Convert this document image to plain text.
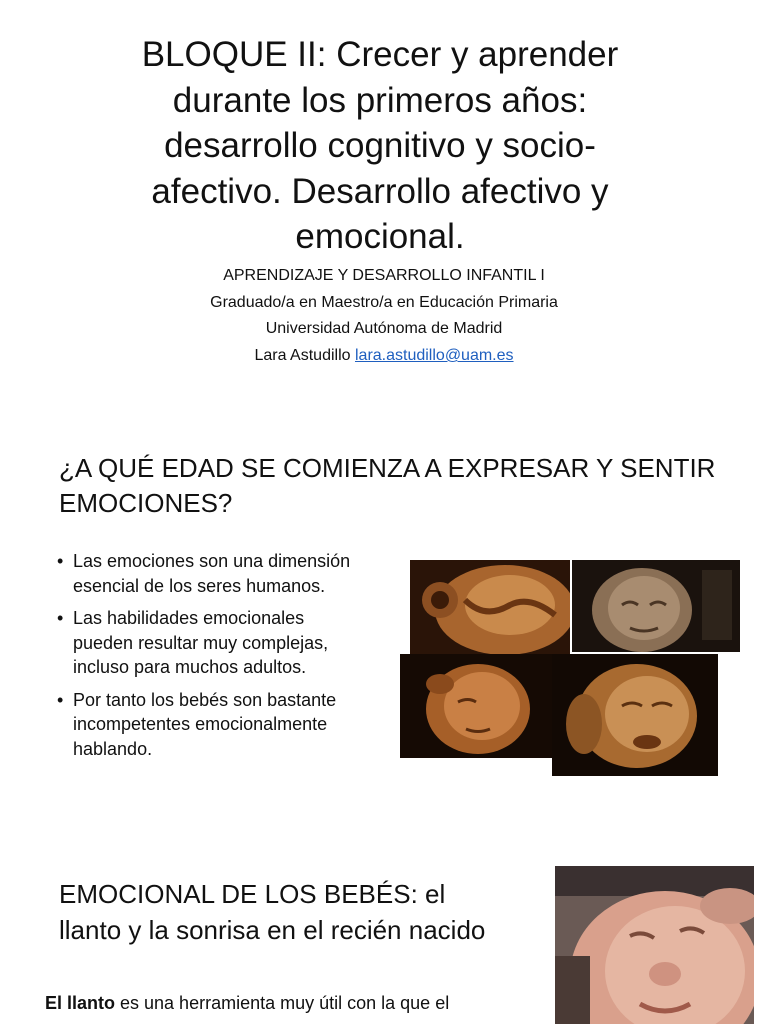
BLOQUE II: Crecer y aprender durante los primeros años: desarrollo cognitivo y socio-afectivo. Desarrollo afectivo y emocional.
APRENDIZAJE Y DESARROLLO INFANTIL I
Graduado/a en Maestro/a en Educación Primaria
Universidad Autónoma de Madrid
Lara Astudillo lara.astudillo@uam.es
¿A QUÉ EDAD SE COMIENZA A EXPRESAR Y SENTIR EMOCIONES?
• Las emociones son una dimensión esencial de los seres humanos.
• Las habilidades emocionales pueden resultar muy complejas, incluso para muchos adultos.
• Por tanto los bebés son bastante incompetentes emocionalmente hablando.
EMOCIONAL DE LOS BEBÉS: el llanto y la sonrisa en el recién nacido
El llanto es una herramienta muy útil con la que el
